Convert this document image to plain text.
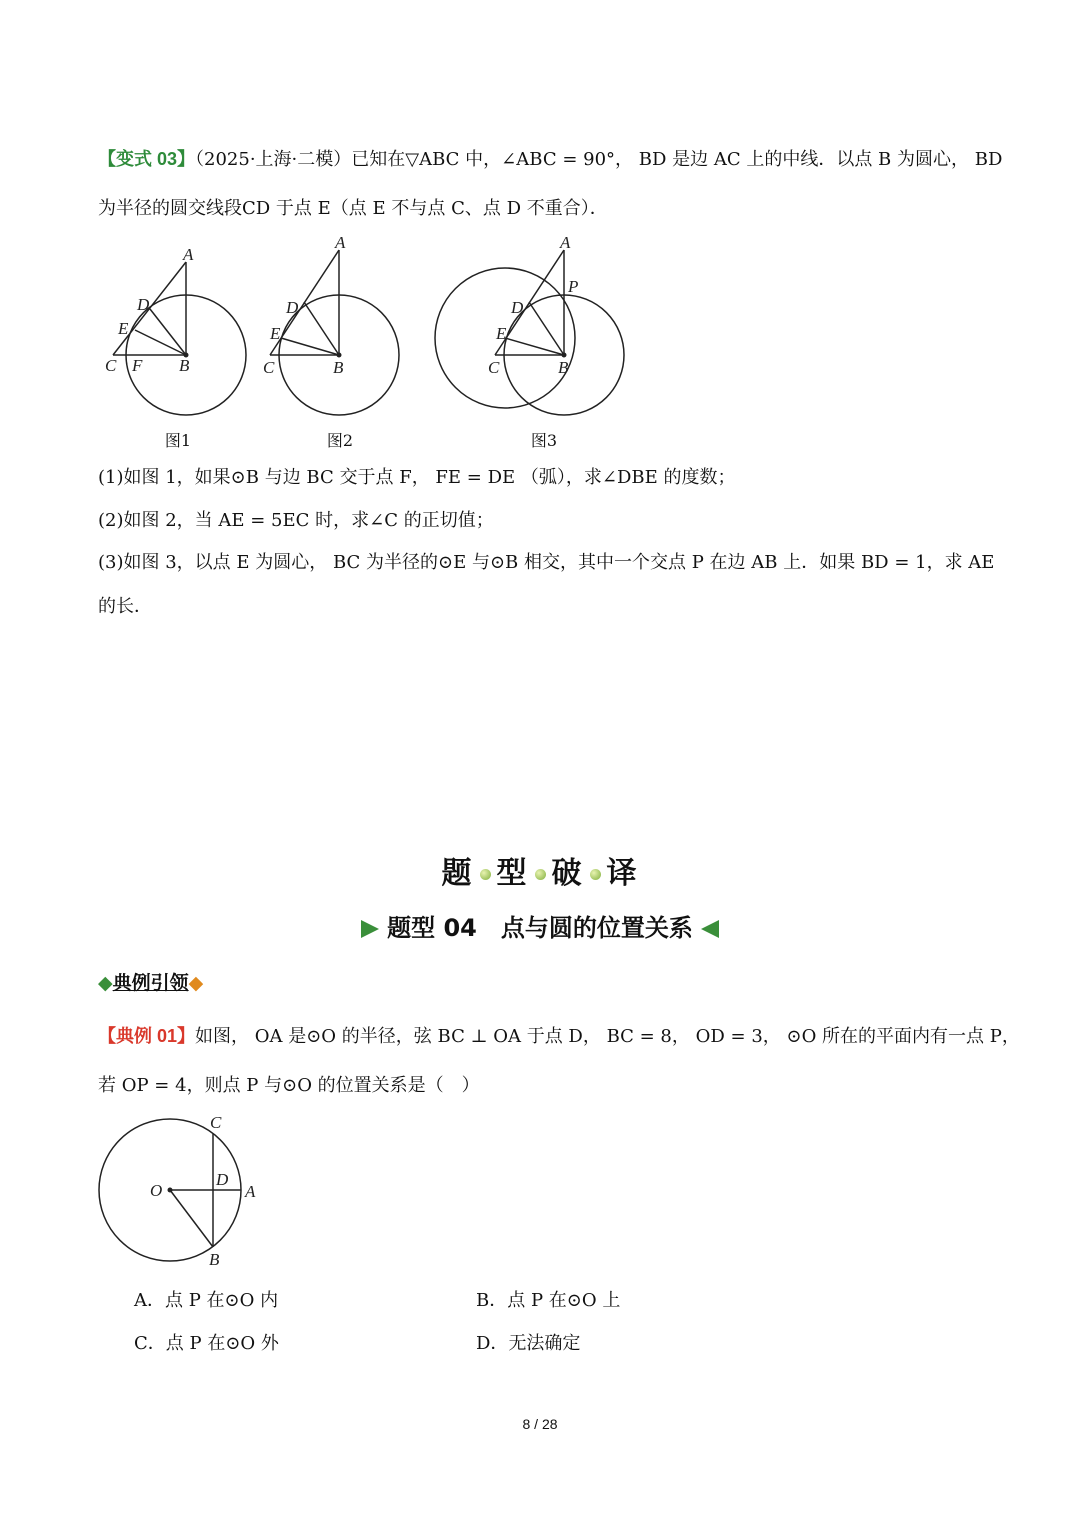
【变式 03】（2025·上海·二模）已知在▽ABC 中，∠ABC = 90°， BD 是边 AC 上的中线．以点 B 为圆心， BD
为半径的圆交线段CD 于点 E（点 E 不与点 C、点 D 不重合）．
A
D
E
C F B
A
D
E
C	B
A
D
E
C	B
P
图1	图2	图3
(1)如图 1，如果⊙B 与边 BC 交于点 F， FE = DE （弧），求∠DBE 的度数；
(2)如图 2，当 AE = 5EC 时，求∠C 的正切值；
(3)如图 3，以点 E 为圆心， BC 为半径的⊙E 与⊙B 相交，其中一个交点 P 在边 AB 上．如果 BD = 1，求 AE
的长．
题 型 破 译
题型 04　点与圆的位置关系
◆典例引领◆
【典例 01】如图， OA 是⊙O 的半径，弦 BC ⊥ OA 于点 D， BC = 8， OD = 3， ⊙O 所在的平面内有一点 P，
若 OP = 4，则点 P 与⊙O 的位置关系是（　）
C
O
D
A
B
A．点 P 在⊙O 内	B．点 P 在⊙O 上
C．点 P 在⊙O 外	D．无法确定
8 / 28
